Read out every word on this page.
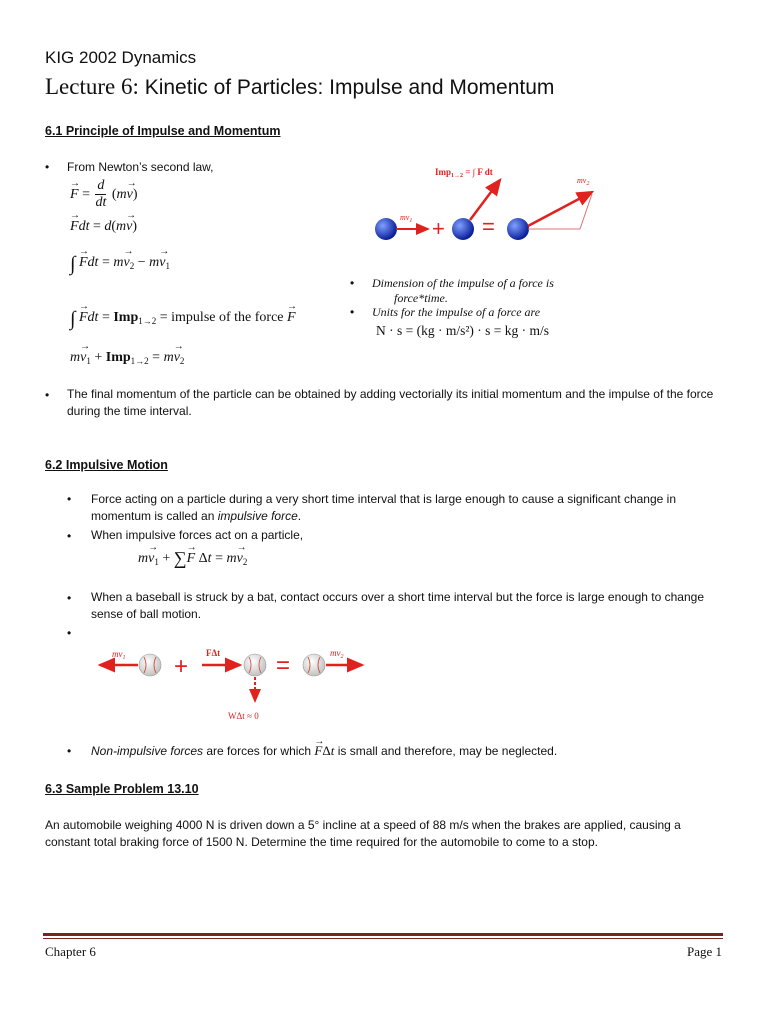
KIG 2002 Dynamics
Lecture 6: Kinetic of Particles: Impulse and Momentum
6.1 Principle of Impulse and Momentum
• From Newton’s second law,
→ $F = \frac{d}{dt} (m\to v)$
→ Fdt = d(m→ v)
∫ → Fdt = $m\to v_2 - m\to v_1$
∫ → Fdt = Imp$_{1\to 2}$ = impulse of the force → F
$m\to v_1 + Imp_{1\to 2} = m\to v_2$
$mv_1$ +
Imp$_{1\to 2}$ = ∫ F dt
=
$mv_2$
• Dimension of the impulse of a force is
force*time.
• Units for the impulse of a force are
N · s = (kg · m/s²) · s = kg · m/s
• The final momentum of the particle can be obtained by adding vectorially its initial momentum and the impulse of the force during the time interval.
6.2 Impulsive Motion
• Force acting on a particle during a very short time interval that is large enough to cause a significant change in momentum is called an impulsive force.
• When impulsive forces act on a particle,
$m\to v_1$ + ∑→ F $\Delta t = m\to v_2$
• When a baseball is struck by a bat, contact occurs over a short time interval but the force is large enough to change sense of ball motion.
•
$mv_1 + F\Delta t$
WΔt ≈ 0
=	$mv_2$
• Non-impulsive forces are forces for which → FΔt is small and therefore, may be neglected.
6.3 Sample Problem 13.10
An automobile weighing 4000 N is driven down a 5° incline at a speed of 88 m/s when the brakes are applied, causing a constant total braking force of 1500 N. Determine the time required for the automobile to come to a stop.
Chapter 6	Page 1
